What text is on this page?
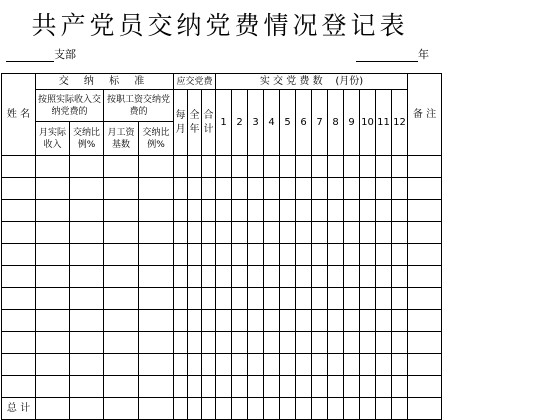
共产党员交纳党费情况登记表
支部	年
姓 名	交 纳 标 准				应交党费			实 交 党 费 数 (月份)												备 注
	按照实际收入交纳党费的		按职工资交纳党费的		每月	全年	合计	1	2	3	4	5	6	7	8	9	10	11	12	
	月实际收入	交纳比例%	月工资基数	交纳比例%																

总 计																				
